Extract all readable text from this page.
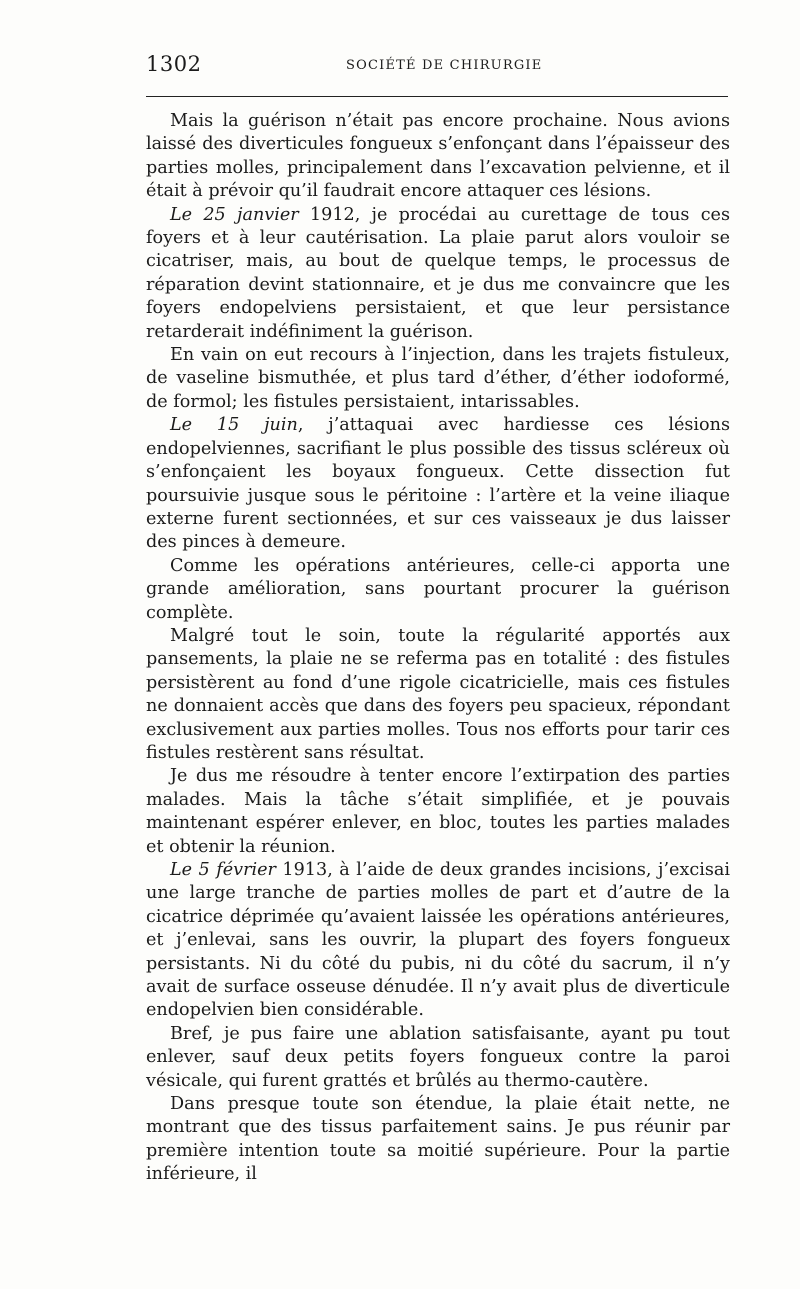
1302	SOCIÉTÉ DE CHIRURGIE

Mais la guérison n’était pas encore prochaine. Nous avions laissé des diverticules fongueux s’enfonçant dans l’épaisseur des parties molles, principalement dans l’excavation pelvienne, et il était à prévoir qu’il faudrait encore attaquer ces lésions.

Le 25 janvier 1912, je procédai au curettage de tous ces foyers et à leur cautérisation. La plaie parut alors vouloir se cicatriser, mais, au bout de quelque temps, le processus de réparation devint stationnaire, et je dus me convaincre que les foyers endopelviens persistaient, et que leur persistance retarderait indéfiniment la guérison.

En vain on eut recours à l’injection, dans les trajets fistuleux, de vaseline bismuthée, et plus tard d’éther, d’éther iodoformé, de formol; les fistules persistaient, intarissables.

Le 15 juin, j’attaquai avec hardiesse ces lésions endopelviennes, sacrifiant le plus possible des tissus scléreux où s’enfonçaient les boyaux fongueux. Cette dissection fut poursuivie jusque sous le péritoine : l’artère et la veine iliaque externe furent sectionnées, et sur ces vaisseaux je dus laisser des pinces à demeure.

Comme les opérations antérieures, celle-ci apporta une grande amélioration, sans pourtant procurer la guérison complète.

Malgré tout le soin, toute la régularité apportés aux pansements, la plaie ne se referma pas en totalité : des fistules persistèrent au fond d’une rigole cicatricielle, mais ces fistules ne donnaient accès que dans des foyers peu spacieux, répondant exclusivement aux parties molles. Tous nos efforts pour tarir ces fistules restèrent sans résultat.

Je dus me résoudre à tenter encore l’extirpation des parties malades. Mais la tâche s’était simplifiée, et je pouvais maintenant espérer enlever, en bloc, toutes les parties malades et obtenir la réunion.

Le 5 février 1913, à l’aide de deux grandes incisions, j’excisai une large tranche de parties molles de part et d’autre de la cicatrice déprimée qu’avaient laissée les opérations antérieures, et j’enlevai, sans les ouvrir, la plupart des foyers fongueux persistants. Ni du côté du pubis, ni du côté du sacrum, il n’y avait de surface osseuse dénudée. Il n’y avait plus de diverticule endopelvien bien considérable.

Bref, je pus faire une ablation satisfaisante, ayant pu tout enlever, sauf deux petits foyers fongueux contre la paroi vésicale, qui furent grattés et brûlés au thermo-cautère.

Dans presque toute son étendue, la plaie était nette, ne montrant que des tissus parfaitement sains. Je pus réunir par première intention toute sa moitié supérieure. Pour la partie inférieure, il
